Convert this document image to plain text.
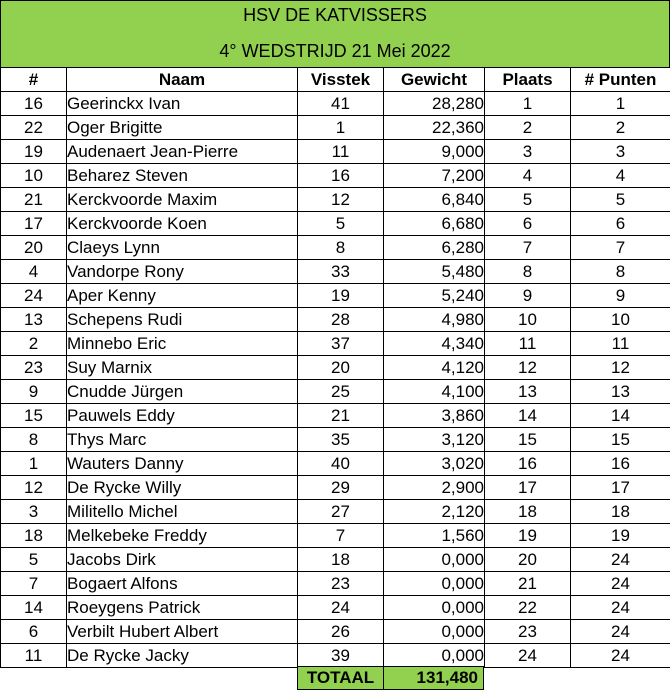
HSV DE KATVISSERS
4° WEDSTRIJD 21 Mei 2022
#	Naam	Visstek	Gewicht	Plaats	# Punten
16	Geerinckx Ivan	41	28,280	1	1
22	Oger Brigitte	1	22,360	2	2
19	Audenaert Jean-Pierre	11	9,000	3	3
10	Beharez Steven	16	7,200	4	4
21	Kerckvoorde Maxim	12	6,840	5	5
17	Kerckvoorde Koen	5	6,680	6	6
20	Claeys Lynn	8	6,280	7	7
4	Vandorpe Rony	33	5,480	8	8
24	Aper Kenny	19	5,240	9	9
13	Schepens Rudi	28	4,980	10	10
2	Minnebo Eric	37	4,340	11	11
23	Suy Marnix	20	4,120	12	12
9	Cnudde Jürgen	25	4,100	13	13
15	Pauwels Eddy	21	3,860	14	14
8	Thys Marc	35	3,120	15	15
1	Wauters Danny	40	3,020	16	16
12	De Rycke Willy	29	2,900	17	17
3	Militello Michel	27	2,120	18	18
18	Melkebeke Freddy	7	1,560	19	19
5	Jacobs Dirk	18	0,000	20	24
7	Bogaert Alfons	23	0,000	21	24
14	Roeygens Patrick	24	0,000	22	24
6	Verbilt Hubert Albert	26	0,000	23	24
11	De Rycke Jacky	39	0,000	24	24
TOTAAL	131,480
